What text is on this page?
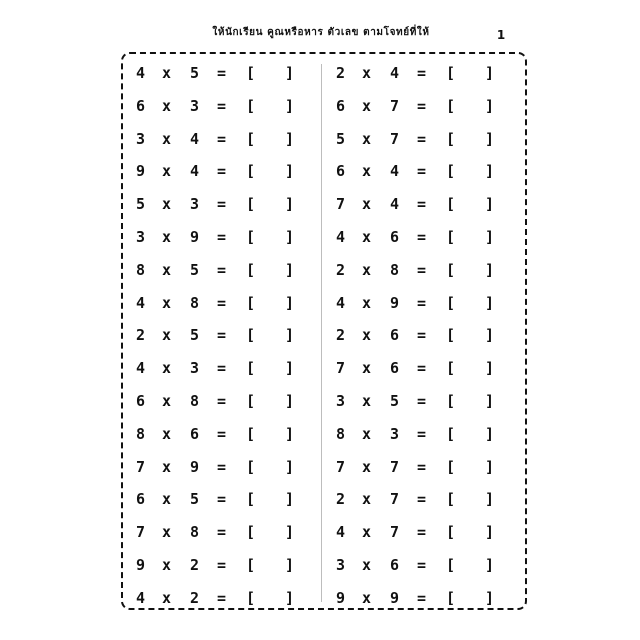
ให้นักเรียน คูณหรือหาร ตัวเลข ตามโจทย์ที่ให้	1
4 x 5 = [ ]
6 x 3 = [ ]
3 x 4 = [ ]
9 x 4 = [ ]
5 x 3 = [ ]
3 x 9 = [ ]
8 x 5 = [ ]
4 x 8 = [ ]
2 x 5 = [ ]
4 x 3 = [ ]
6 x 8 = [ ]
8 x 6 = [ ]
7 x 9 = [ ]
6 x 5 = [ ]
7 x 8 = [ ]
9 x 2 = [ ]
4 x 2 = [ ]
2 x 4 = [ ]
6 x 7 = [ ]
5 x 7 = [ ]
6 x 4 = [ ]
7 x 4 = [ ]
4 x 6 = [ ]
2 x 8 = [ ]
4 x 9 = [ ]
2 x 6 = [ ]
7 x 6 = [ ]
3 x 5 = [ ]
8 x 3 = [ ]
7 x 7 = [ ]
2 x 7 = [ ]
4 x 7 = [ ]
3 x 6 = [ ]
9 x 9 = [ ]
